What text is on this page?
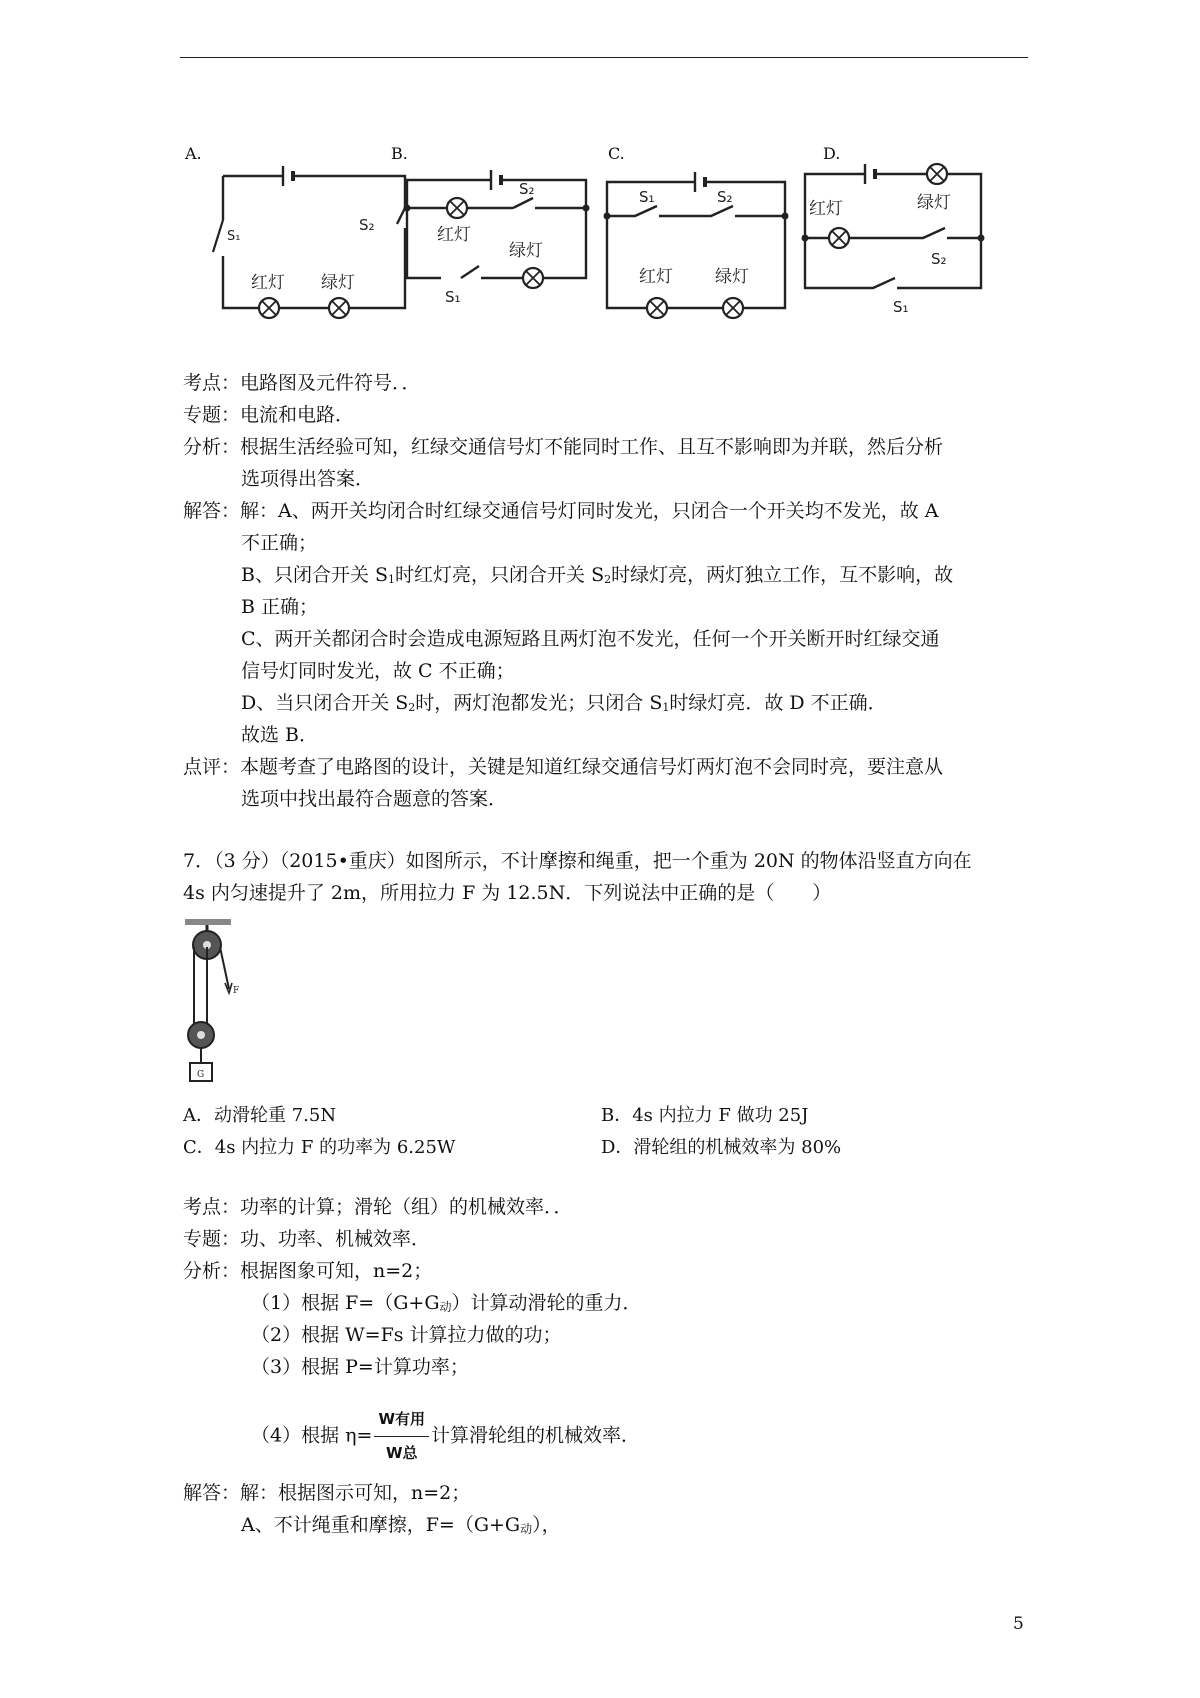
A.	B.	C.	D.
红灯 绿灯
S₁
S₂	红灯
绿灯
S₂
S₁
红灯 绿灯
S₁	S₂	绿灯
红灯
S₂
S₁
考点：电路图及元件符号．．
专题：电流和电路．
分析：根据生活经验可知，红绿交通信号灯不能同时工作、且互不影响即为并联，然后分析
选项得出答案．
解答：解：A、两开关均闭合时红绿交通信号灯同时发光，只闭合一个开关均不发光，故 A
不正确；
B、只闭合开关 $S_1$时红灯亮，只闭合开关 $S_2$时绿灯亮，两灯独立工作，互不影响，故
B 正确；
C、两开关都闭合时会造成电源短路且两灯泡不发光，任何一个开关断开时红绿交通
信号灯同时发光，故 C 不正确；
D、当只闭合开关 $S_2$时，两灯泡都发光；只闭合 $S_1$时绿灯亮．故 D 不正确．
故选 B．
点评：本题考查了电路图的设计，关键是知道红绿交通信号灯两灯泡不会同时亮，要注意从
选项中找出最符合题意的答案．
7．（3 分）（2015•重庆）如图所示，不计摩擦和绳重，把一个重为 20N 的物体沿竖直方向在
4s 内匀速提升了 2m，所用拉力 F 为 12.5N．下列说法中正确的是（　　）
F
G
A．动滑轮重 7.5N	B．4s 内拉力 F 做功 25J
C．4s 内拉力 F 的功率为 6.25W	D．滑轮组的机械效率为 80%
考点：功率的计算；滑轮（组）的机械效率．．
专题：功、功率、机械效率．
分析：根据图象可知，n=2；
（1）根据 F=（G+G动）计算动滑轮的重力．
（2）根据 W=Fs 计算拉力做的功；
（3）根据 P=计算功率；
（4）根据 $\eta= \frac{\text{W有用}}{\text{W总}}$ 计算滑轮组的机械效率．
解答：解：根据图示可知，n=2；
A、不计绳重和摩擦，F=（G+G动），
5
